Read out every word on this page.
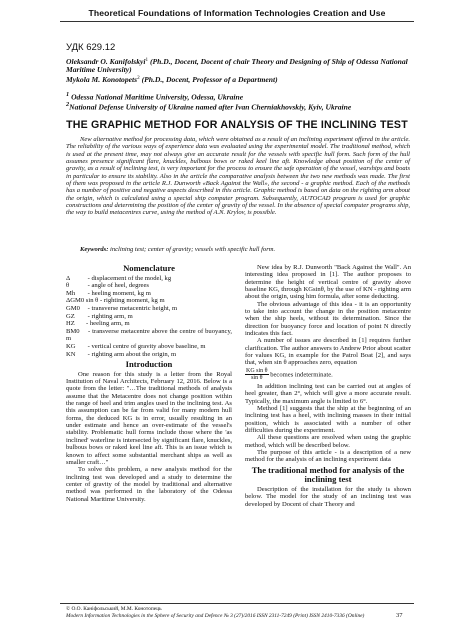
Theoretical Foundations of Information Technologies Creation and Use
УДК 629.12
Oleksandr O. Kanifolskyi$^1$ (Ph.D., Docent, Docent of chair Theory and Designing of Ship of Odessa National Maritime University)
Mykola M. Konotopets$^2$ (Ph.D., Docent, Professor of a Department)
$^1$ Odessa National Maritime University, Odessa, Ukraine
$^2$National Defense University of Ukraine named after Ivan Cherniakhovskiy, Kyiv, Ukraine
THE GRAPHIC METHOD FOR ANALYSIS OF THE INCLINING TEST
New alternative method for processing data, which were obtained as a result of an inclining experiment offered in the article. The reliability of the various ways of experience data was evaluated using the experimental model. The traditional method, which is used at the present time, may not always give an accurate result for the vessels with specific hull form. Such form of the hull assumes presence significant flare, knuckles, bulbous bows or raked keel line aft. Knowledge about position of the center of gravity, as a result of inclining test, is very important for the process to ensure the safe operation of the vessel, warships and boats in particular to ensure its stability. Also in the article the comparative analysis between the two new methods was made. The first of them was proposed in the article R.J. Dunworth «Back Against the Wall», the second - a graphic method. Each of the methods has a number of positive and negative aspects described in this article. Graphic method is based on data on the righting arm about the origin, which is calculated using a special ship computer program. Subsequently, AUTOCAD program is used for graphic constructions and determining the position of the center of gravity of the vessel. In the absence of special computer programs ship, the way to build metacentres curve, using the method of A.N. Krylov, is possible.
Keywords: inclining test; center of gravity; vessels with specific hull form.
Nomenclature
Δ - displacement of the model, kg
θ	- angle of heel, degrees
Mh - heeling moment, kg m
ΔGM0 sin θ - righting moment, kg m
GM0 - transverse metacentric height, m
GZ - righting arm, m
HZ - heeling arm, m
BM0 - transverse metacentre above the centre of buoyancy, m
KG - vertical centre of gravity above baseline, m
KN - righting arm about the origin, m
Introduction

One reason for this study is a letter from the Royal Institution of Naval Architects, February 12, 2016. Below is a quote from the letter: "…The traditional methods of analysis assume that the Metacentre does not change position within the range of heel and trim angles used in the inclining test. As this assumption can be far from valid for many modern hull forms, the deduced KG is in error, usually resulting in an under estimate and hence an over-estimate of the vessel's stability. Problematic hull forms include those where the 'as inclined' waterline is intersected by significant flare, knuckles, bulbous bows or raked keel line aft. This is an issue which is known to affect some substantial merchant ships as well as smaller craft…"

To solve this problem, a new analysis method for the inclining test was developed and a study to determine the center of gravity of the model by traditional and alternative method was performed in the laboratory of the Odessa National Maritime University.

New idea by R.J. Dunworth "Back Against the Wall". An interesting idea proposed in [1]. The author proposes to determine the height of vertical centre of gravity above baseline KG, through KGsinθ, by the use of KN - righting arm about the origin, using him formula, after some deducting.

The obvious advantage of this idea - it is an opportunity to take into account the change in the position metacentre when the ship heels, without its determination. Since the direction for buoyancy force and location of point N directly indicates this fact.

A number of issues are described in [1] requires further clarification. The author answers to Andrew Prior about scatter for values KG, in example for the Patrol Boat [2], and says that, when sin θ approaches zero, equation

$\frac{\text{KG sin θ}}{\text{sin θ}}$ becomes indeterminate.

In addition inclining test can be carried out at angles of heel greater, than 2°, which will give a more accurate result. Typically, the maximum angle is limited to 6°.

Method [1] suggests that the ship at the beginning of an inclining test has a heel, with inclining masses in their initial position, which is associated with a number of other difficulties during the experiment.

All these questions are resolved when using the graphic method, which will be described below.

The purpose of this article - is a description of a new method for the analysis of an inclining experiment data

The traditional method for analysis of the inclining test

Description of the installation for the study is shown below. The model for the study of an inclining test was developed by Docent of chair Theory and

© О.О. Каніфольський, М.М. Конотопець
Modern Information Technologies in the Sphere of Security and Defence № 3 (27)/2016 ISSN 2311-7249 (Print) ISSN 2410-7336 (Online)	37
